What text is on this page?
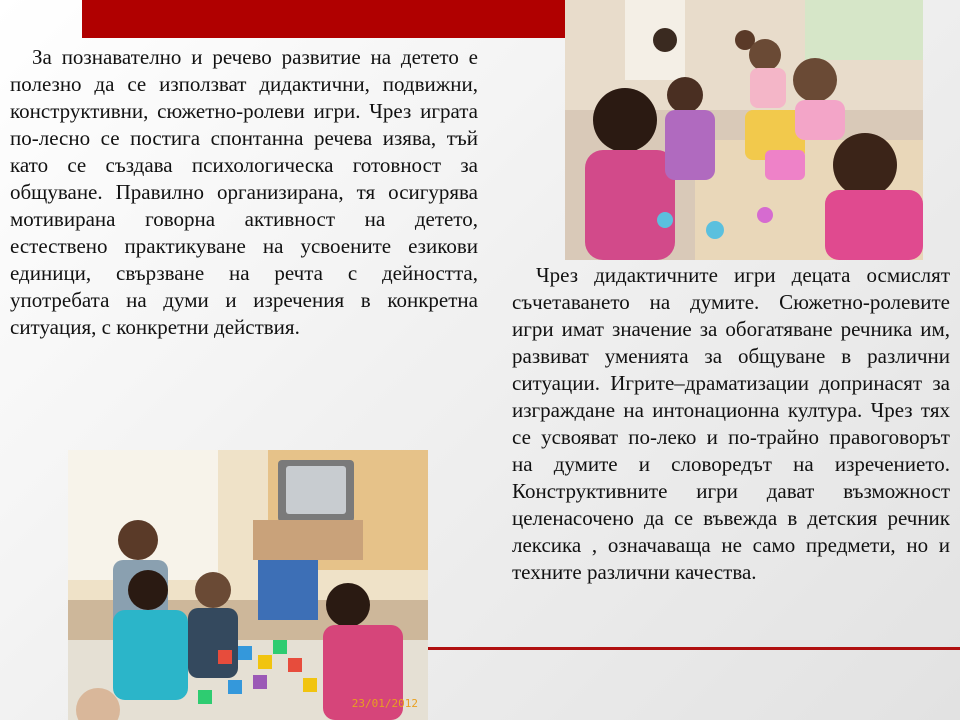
За познавателно и речево развитие на детето е полезно да се използват дидактични, подвижни, конструктивни, сюжетно-ролеви игри. Чрез играта по-лесно се постига спонтанна речева изява, тъй като се създава психологическа готовност за общуване. Правилно организирана, тя осигурява мотивирана говорна активност на детето, естествено практикуване на усвоените езикови единици, свързване на речта с дейността, употребата на думи и изречения в конкретна ситуация, с конкретни действия.

Чрез дидактичните игри децата осмислят съчетаването на думите. Сюжетно-ролевите игри имат значение за обогатяване речника им, развиват уменията за общуване в различни ситуации. Игрите–драматизации допринасят за изграждане на интонационна култура. Чрез тях се усвояват по-леко и по-трайно правоговорът на думите и словоредът на изречението. Конструктивните игри дават възможност целенасочено да се въвежда в детския речник лексика , означаваща не само предмети, но и техните различни качества.

23/01/2012
